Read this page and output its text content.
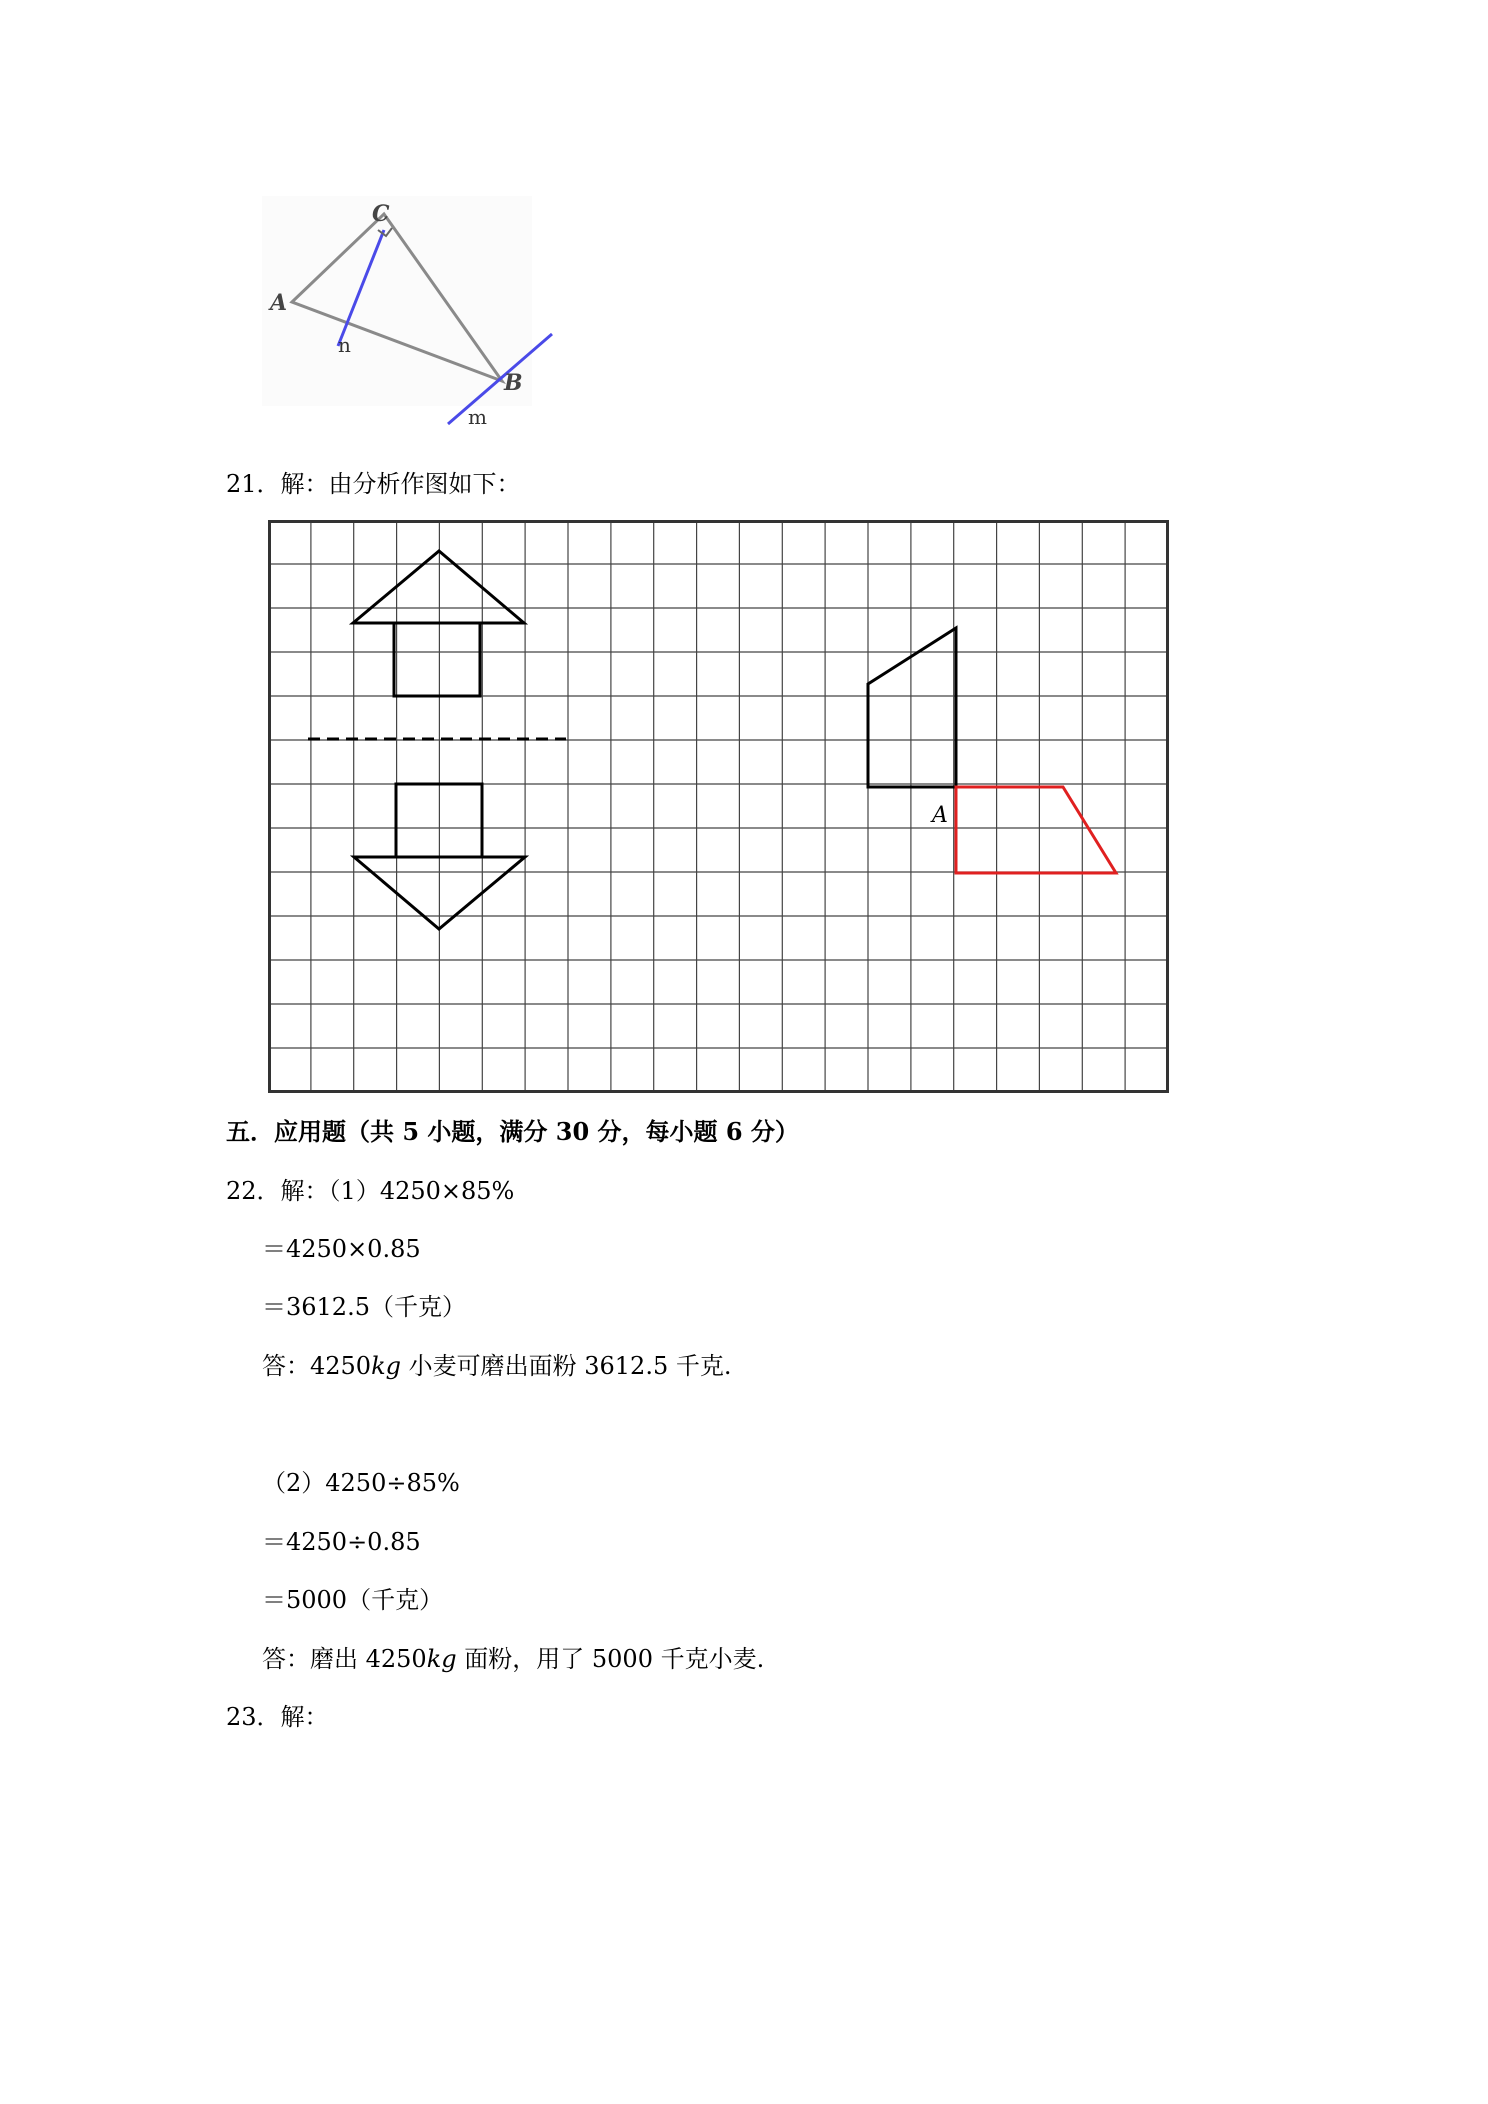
C
A
B
n
m
21．解：由分析作图如下：
A
五．应用题（共 5 小题，满分 30 分，每小题 6 分）
22．解：（1）4250×85%
＝4250×0.85
＝3612.5（千克）
答：4250kg 小麦可磨出面粉 3612.5 千克.
（2）4250÷85%
＝4250÷0.85
＝5000（千克）
答：磨出 4250kg 面粉，用了 5000 千克小麦.
23．解：
